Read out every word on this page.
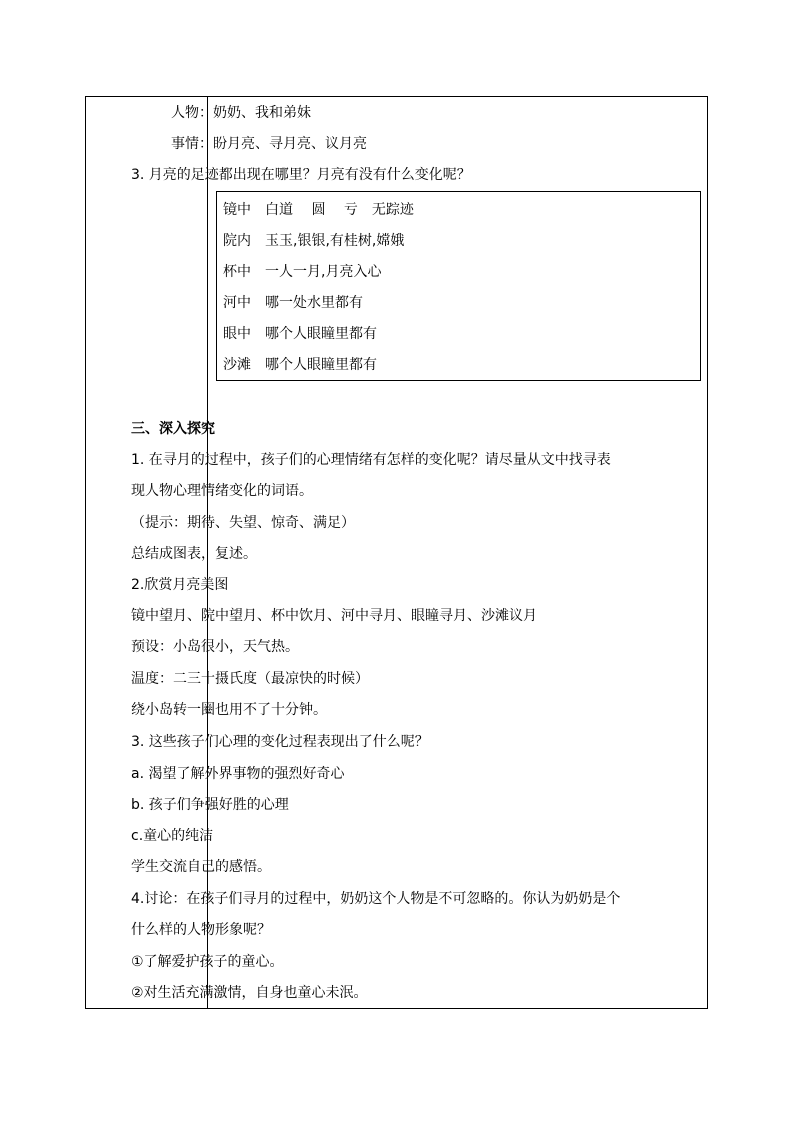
人物：奶奶、我和弟妹
事情：盼月亮、寻月亮、议月亮
3. 月亮的足迹都出现在哪里？月亮有没有什么变化呢？
镜中 白道　 圆　 亏　无踪迹
院内 玉玉,银银,有桂树,嫦娥
杯中 一人一月,月亮入心
河中 哪一处水里都有
眼中 哪个人眼瞳里都有
沙滩 哪个人眼瞳里都有
三、深入探究
1. 在寻月的过程中，孩子们的心理情绪有怎样的变化呢？请尽量从文中找寻表
现人物心理情绪变化的词语。
（提示：期待、失望、惊奇、满足）
总结成图表，复述。
2.欣赏月亮美图
镜中望月、院中望月、杯中饮月、河中寻月、眼瞳寻月、沙滩议月
预设：小岛很小，天气热。
温度：二三十摄氏度（最凉快的时候）
绕小岛转一圈也用不了十分钟。
3. 这些孩子们心理的变化过程表现出了什么呢？
a. 渴望了解外界事物的强烈好奇心
b. 孩子们争强好胜的心理
c.童心的纯洁
学生交流自己的感悟。
4.讨论：在孩子们寻月的过程中，奶奶这个人物是不可忽略的。你认为奶奶是个
什么样的人物形象呢？
①了解爱护孩子的童心。
②对生活充满激情，自身也童心未泯。
